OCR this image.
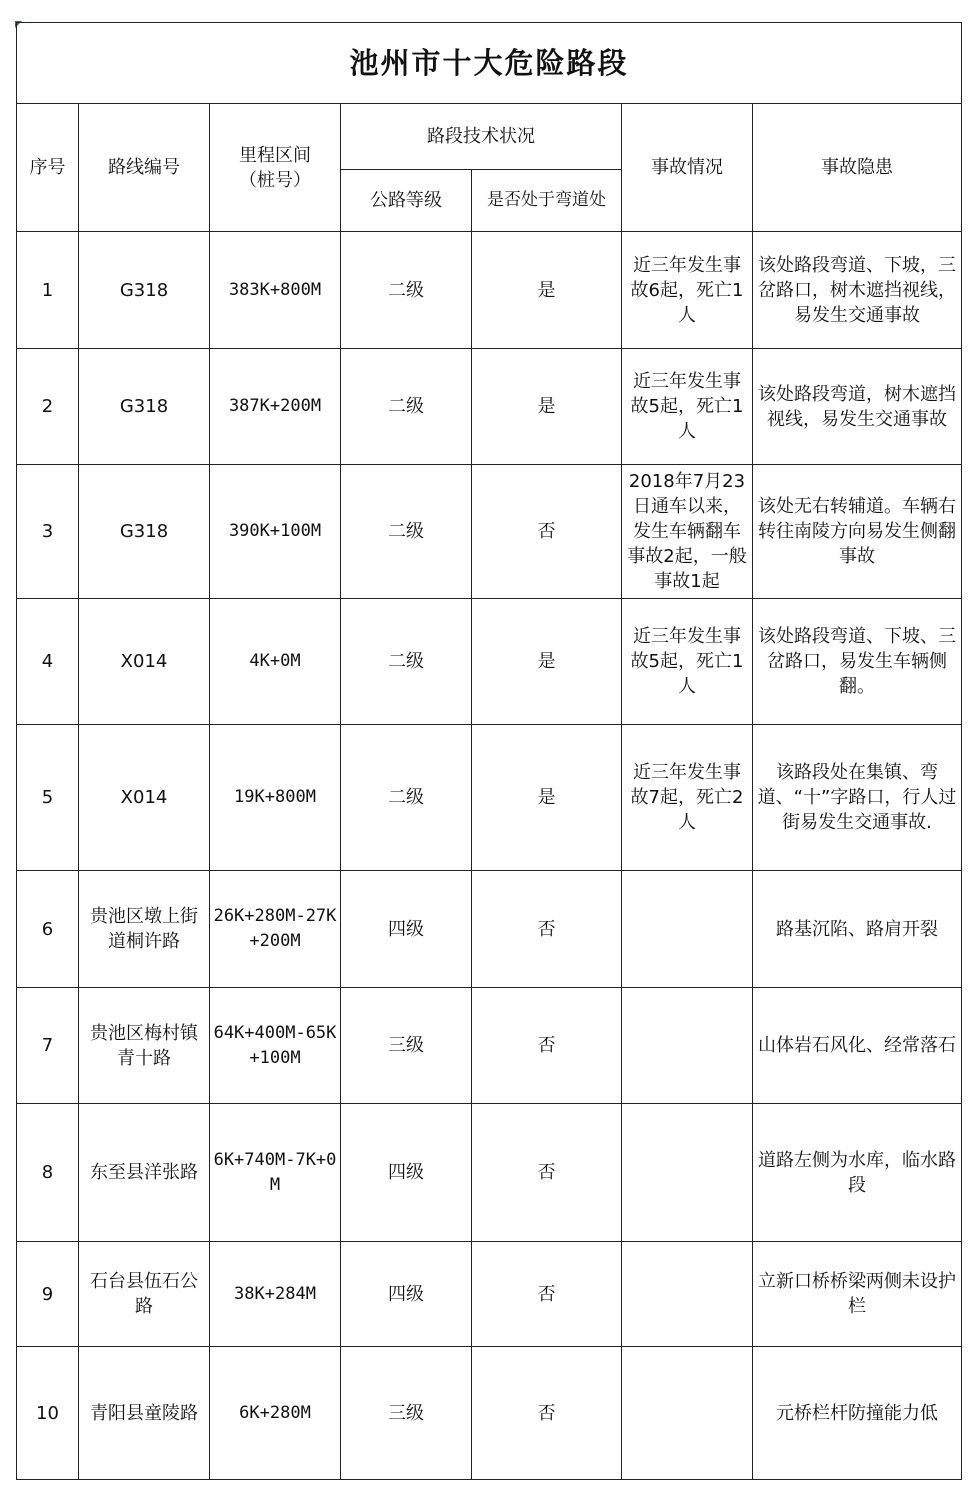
池州市十大危险路段						
序号	路线编号	里程区间（桩号）	路段技术状况		事故情况	事故隐患
			公路等级	是否处于弯道处		
1	G318	383K+800M	二级	是	近三年发生事故6起，死亡1人	该处路段弯道、下坡，三岔路口，树木遮挡视线，易发生交通事故
2	G318	387K+200M	二级	是	近三年发生事故5起，死亡1人	该处路段弯道，树木遮挡视线，易发生交通事故
3	G318	390K+100M	二级	否	2018年7月23日通车以来，发生车辆翻车事故2起，一般事故1起	该处无右转辅道。车辆右转往南陵方向易发生侧翻事故
4	X014	4K+0M	二级	是	近三年发生事故5起，死亡1人	该处路段弯道、下坡、三岔路口，易发生车辆侧翻。
5	X014	19K+800M	二级	是	近三年发生事故7起，死亡2人	该路段处在集镇、弯道、“十”字路口，行人过街易发生交通事故.
6	贵池区墩上街道桐许路	26K+280M-27K+200M	四级	否		路基沉陷、路肩开裂
7	贵池区梅村镇青十路	64K+400M-65K+100M	三级	否		山体岩石风化、经常落石
8	东至县洋张路	6K+740M-7K+0M	四级	否		道路左侧为水库，临水路段
9	石台县伍石公路	38K+284M	四级	否		立新口桥桥梁两侧未设护栏
10	青阳县童陵路	6K+280M	三级	否		元桥栏杆防撞能力低
